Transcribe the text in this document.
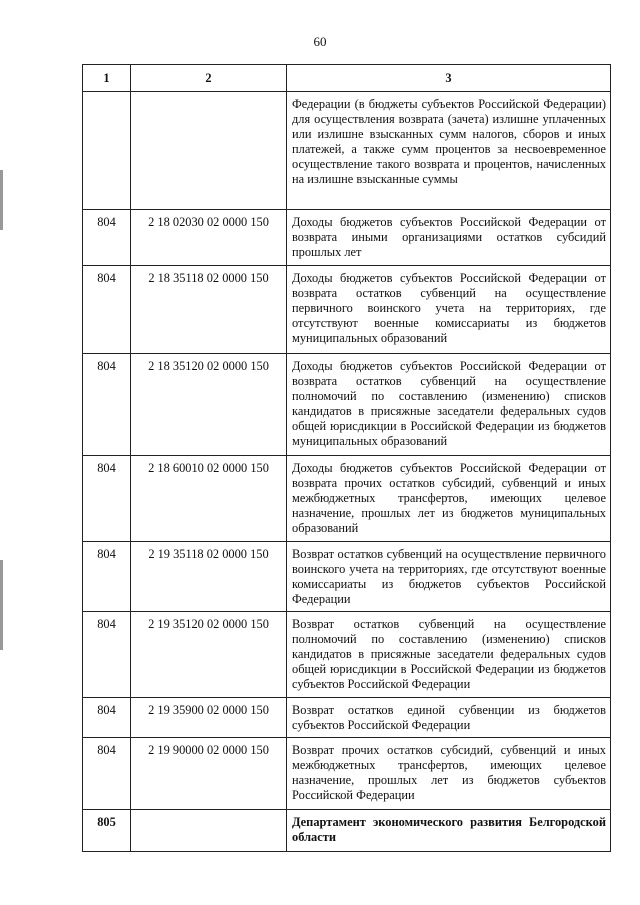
60
1	2	3
		Федерации (в бюджеты субъектов Российской Федерации) для осуществления возврата (зачета) излишне уплаченных или излишне взысканных сумм налогов, сборов и иных платежей, а также сумм процентов за несвоевременное осуществление такого возврата и процентов, начисленных на излишне взысканные суммы
804	2 18 02030 02 0000 150	Доходы бюджетов субъектов Российской Федерации от возврата иными организациями остатков субсидий прошлых лет
804	2 18 35118 02 0000 150	Доходы бюджетов субъектов Российской Федерации от возврата остатков субвенций на осуществление первичного воинского учета на территориях, где отсутствуют военные комиссариаты из бюджетов муниципальных образований
804	2 18 35120 02 0000 150	Доходы бюджетов субъектов Российской Федерации от возврата остатков субвенций на осуществление полномочий по составлению (изменению) списков кандидатов в присяжные заседатели федеральных судов общей юрисдикции в Российской Федерации из бюджетов муниципальных образований
804	2 18 60010 02 0000 150	Доходы бюджетов субъектов Российской Федерации от возврата прочих остатков субсидий, субвенций и иных межбюджетных трансфертов, имеющих целевое назначение, прошлых лет из бюджетов муниципальных образований
804	2 19 35118 02 0000 150	Возврат остатков субвенций на осуществление первичного воинского учета на территориях, где отсутствуют военные комиссариаты из бюджетов субъектов Российской Федерации
804	2 19 35120 02 0000 150	Возврат остатков субвенций на осуществление полномочий по составлению (изменению) списков кандидатов в присяжные заседатели федеральных судов общей юрисдикции в Российской Федерации из бюджетов субъектов Российской Федерации
804	2 19 35900 02 0000 150	Возврат остатков единой субвенции из бюджетов субъектов Российской Федерации
804	2 19 90000 02 0000 150	Возврат прочих остатков субсидий, субвенций и иных межбюджетных трансфертов, имеющих целевое назначение, прошлых лет из бюджетов субъектов Российской Федерации
805		Департамент экономического развития Белгородской области
